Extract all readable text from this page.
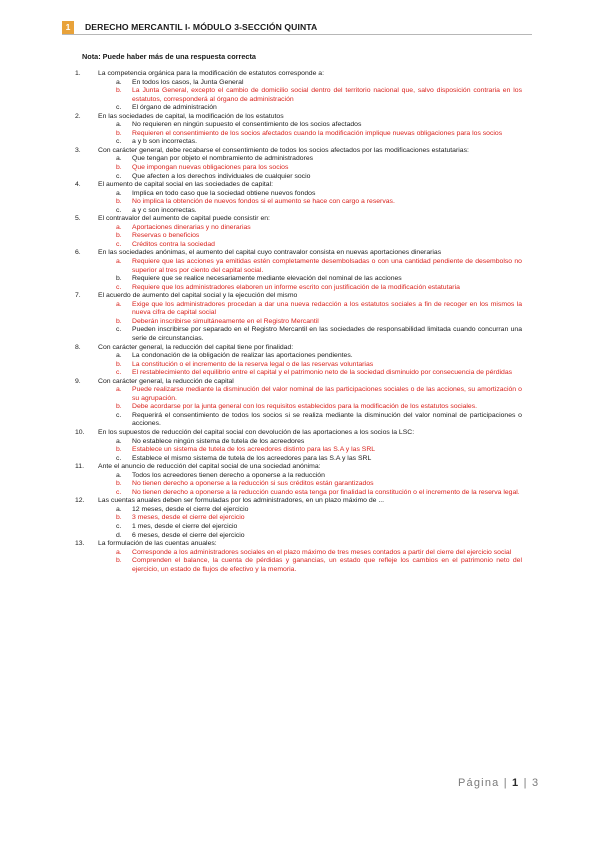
1	DERECHO MERCANTIL I- MÓDULO 3-SECCIÓN QUINTA
Nota: Puede haber más de una respuesta correcta
1.	La competencia orgánica para la modificación de estatutos corresponde a:
a. En todos los casos, la Junta General
b. La Junta General, excepto el cambio de domicilio social dentro del territorio nacional que, salvo disposición contraria en los estatutos, corresponderá al órgano de administración
c. El órgano de administración
2.	En las sociedades de capital, la modificación de los estatutos
a. No requieren en ningún supuesto el consentimiento de los socios afectados
b. Requieren el consentimiento de los socios afectados cuando la modificación implique nuevas obligaciones para los socios
c. a y b son incorrectas.
3.	Con carácter general, debe recabarse el consentimiento de todos los socios afectados por las modificaciones estatutarias:
a. Que tengan por objeto el nombramiento de administradores
b. Que impongan nuevas obligaciones para los socios
c. Que afecten a los derechos individuales de cualquier socio
4.	El aumento de capital social en las sociedades de capital:
a. Implica en todo caso que la sociedad obtiene nuevos fondos
b. No implica la obtención de nuevos fondos si el aumento se hace con cargo a reservas.
c. a y c son incorrectas.
5.	El contravalor del aumento de capital puede consistir en:
a. Aportaciones dinerarias y no dinerarias
b. Reservas o beneficios
c. Créditos contra la sociedad
6.	En las sociedades anónimas, el aumento del capital cuyo contravalor consista en nuevas aportaciones dinerarias
a. Requiere que las acciones ya emitidas estén completamente desembolsadas o con una cantidad pendiente de desembolso no superior al tres por ciento del capital social.
b. Requiere que se realice necesariamente mediante elevación del nominal de las acciones
c. Requiere que los administradores elaboren un informe escrito con justificación de la modificación estatutaria
7.	El acuerdo de aumento del capital social y la ejecución del mismo
a. Exige que los administradores procedan a dar una nueva redacción a los estatutos sociales a fin de recoger en los mismos la nueva cifra de capital social
b. Deberán inscribirse simultáneamente en el Registro Mercantil
c. Pueden inscribirse por separado en el Registro Mercantil en las sociedades de responsabilidad limitada cuando concurran una serie de circunstancias.
8.	Con carácter general, la reducción del capital tiene por finalidad:
a. La condonación de la obligación de realizar las aportaciones pendientes.
b. La constitución o el incremento de la reserva legal o de las reservas voluntarias
c. El restablecimiento del equilibrio entre el capital y el patrimonio neto de la sociedad disminuido por consecuencia de pérdidas
9.	Con carácter general, la reducción de capital
a. Puede realizarse mediante la disminución del valor nominal de las participaciones sociales o de las acciones, su amortización o su agrupación.
b. Debe acordarse por la junta general con los requisitos establecidos para la modificación de los estatutos sociales.
c. Requerirá el consentimiento de todos los socios si se realiza mediante la disminución del valor nominal de participaciones o acciones.
10. En los supuestos de reducción del capital social con devolución de las aportaciones a los socios la LSC:
a. No establece ningún sistema de tutela de los acreedores
b. Establece un sistema de tutela de los acreedores distinto para las S.A y las SRL
c. Establece el mismo sistema de tutela de los acreedores para las S.A y las SRL
11. Ante el anuncio de reducción del capital social de una sociedad anónima:
a. Todos los acreedores tienen derecho a oponerse a la reducción
b. No tienen derecho a oponerse a la reducción si sus créditos están garantizados
c. No tienen derecho a oponerse a la reducción cuando esta tenga por finalidad la constitución o el incremento de la reserva legal.
12. Las cuentas anuales deben ser formuladas por los administradores, en un plazo máximo de ...
a. 12 meses, desde el cierre del ejercicio
b. 3 meses, desde el cierre del ejercicio
c. 1 mes, desde el cierre del ejercicio
d. 6 meses, desde el cierre del ejercicio
13. La formulación de las cuentas anuales:
a. Corresponde a los administradores sociales en el plazo máximo de tres meses contados a partir del cierre del ejercicio social
b. Comprenden el balance, la cuenta de pérdidas y ganancias, un estado que refleje los cambios en el patrimonio neto del ejercicio, un estado de flujos de efectivo y la memoria.
Página | 1 | 3
